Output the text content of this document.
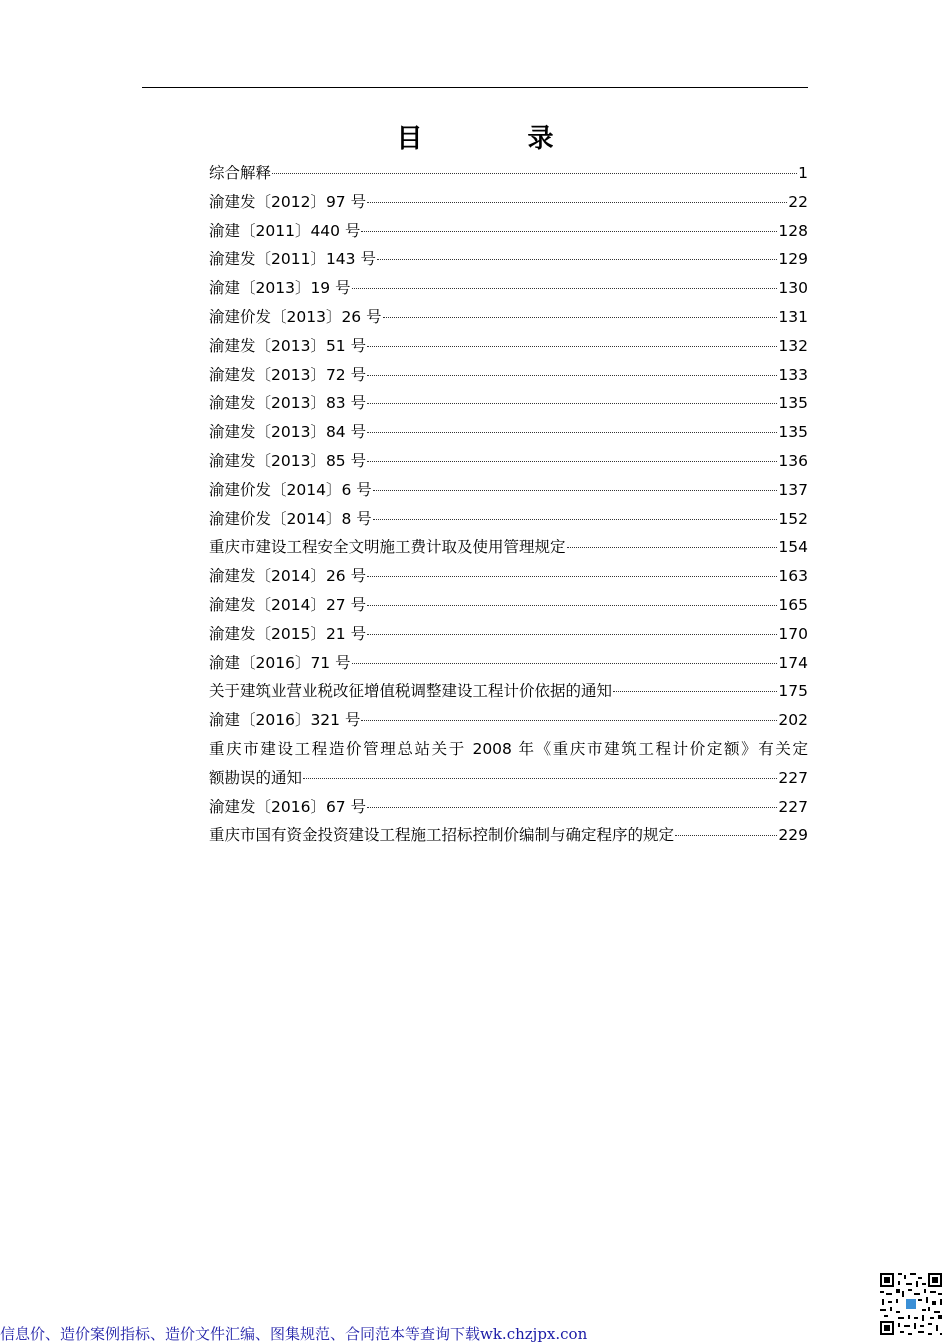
目 录
综合解释	1
渝建发〔2012〕97 号	22
渝建〔2011〕440 号	128
渝建发〔2011〕143 号	129
渝建〔2013〕19 号	130
渝建价发〔2013〕26 号	131
渝建发〔2013〕51 号	132
渝建发〔2013〕72 号	133
渝建发〔2013〕83 号	135
渝建发〔2013〕84 号	135
渝建发〔2013〕85 号	136
渝建价发〔2014〕6 号	137
渝建价发〔2014〕8 号	152
重庆市建设工程安全文明施工费计取及使用管理规定	154
渝建发〔2014〕26 号	163
渝建发〔2014〕27 号	165
渝建发〔2015〕21 号	170
渝建〔2016〕71 号	174
关于建筑业营业税改征增值税调整建设工程计价依据的通知	175
渝建〔2016〕321 号	202
重庆市建设工程造价管理总站关于 2008 年《重庆市建筑工程计价定额》有关定
额勘误的通知	227
渝建发〔2016〕67 号	227
重庆市国有资金投资建设工程施工招标控制价编制与确定程序的规定	229
信息价、造价案例指标、造价文件汇编、图集规范、合同范本等查询下载wk.chzjpx.con
